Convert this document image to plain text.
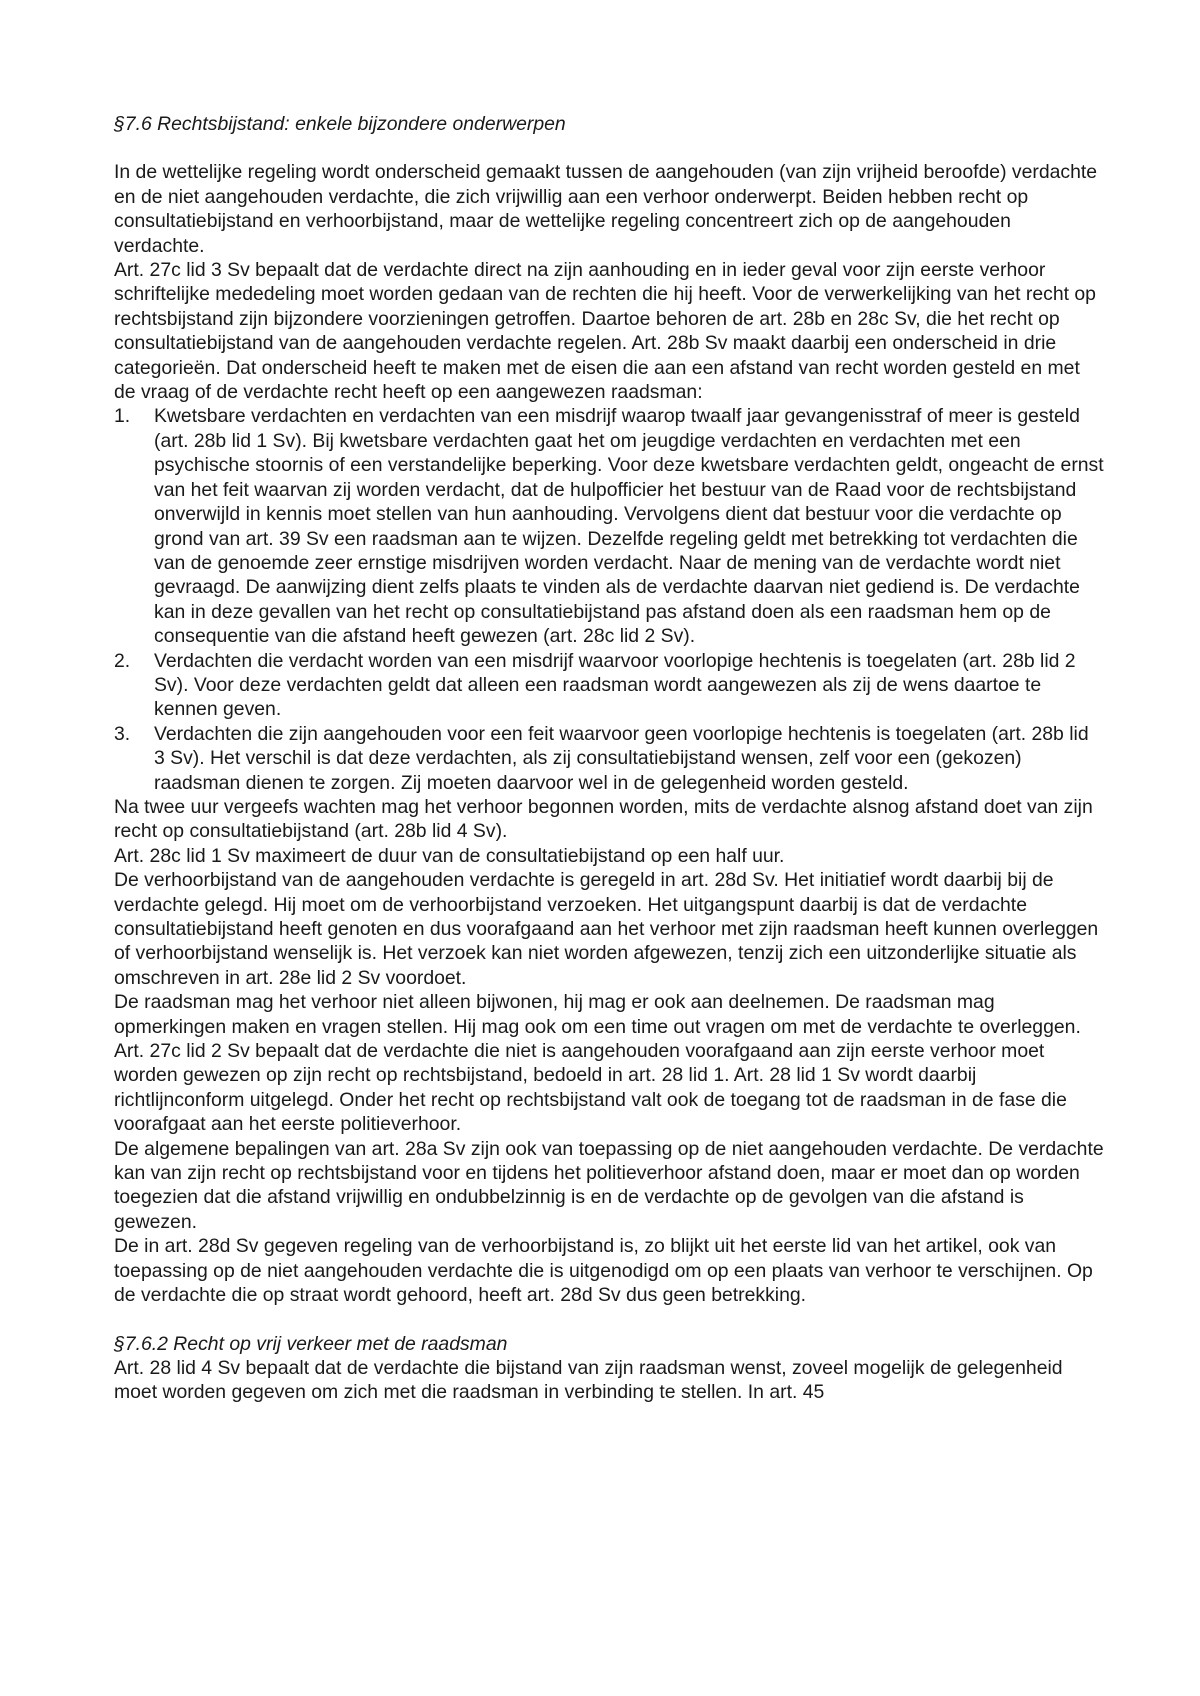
§7.6 Rechtsbijstand: enkele bijzondere onderwerpen

In de wettelijke regeling wordt onderscheid gemaakt tussen de aangehouden (van zijn vrijheid beroofde) verdachte en de niet aangehouden verdachte, die zich vrijwillig aan een verhoor onderwerpt. Beiden hebben recht op consultatiebijstand en verhoorbijstand, maar de wettelijke regeling concentreert zich op de aangehouden verdachte.

Art. 27c lid 3 Sv bepaalt dat de verdachte direct na zijn aanhouding en in ieder geval voor zijn eerste verhoor schriftelijke mededeling moet worden gedaan van de rechten die hij heeft. Voor de verwerkelijking van het recht op rechtsbijstand zijn bijzondere voorzieningen getroffen. Daartoe behoren de art. 28b en 28c Sv, die het recht op consultatiebijstand van de aangehouden verdachte regelen. Art. 28b Sv maakt daarbij een onderscheid in drie categorieën. Dat onderscheid heeft te maken met de eisen die aan een afstand van recht worden gesteld en met de vraag of de verdachte recht heeft op een aangewezen raadsman:

1. Kwetsbare verdachten en verdachten van een misdrijf waarop twaalf jaar gevangenisstraf of meer is gesteld (art. 28b lid 1 Sv). Bij kwetsbare verdachten gaat het om jeugdige verdachten en verdachten met een psychische stoornis of een verstandelijke beperking. Voor deze kwetsbare verdachten geldt, ongeacht de ernst van het feit waarvan zij worden verdacht, dat de hulpofficier het bestuur van de Raad voor de rechtsbijstand onverwijld in kennis moet stellen van hun aanhouding. Vervolgens dient dat bestuur voor die verdachte op grond van art. 39 Sv een raadsman aan te wijzen. Dezelfde regeling geldt met betrekking tot verdachten die van de genoemde zeer ernstige misdrijven worden verdacht. Naar de mening van de verdachte wordt niet gevraagd. De aanwijzing dient zelfs plaats te vinden als de verdachte daarvan niet gediend is. De verdachte kan in deze gevallen van het recht op consultatiebijstand pas afstand doen als een raadsman hem op de consequentie van die afstand heeft gewezen (art. 28c lid 2 Sv).
2. Verdachten die verdacht worden van een misdrijf waarvoor voorlopige hechtenis is toegelaten (art. 28b lid 2 Sv). Voor deze verdachten geldt dat alleen een raadsman wordt aangewezen als zij de wens daartoe te kennen geven.
3. Verdachten die zijn aangehouden voor een feit waarvoor geen voorlopige hechtenis is toegelaten (art. 28b lid 3 Sv). Het verschil is dat deze verdachten, als zij consultatiebijstand wensen, zelf voor een (gekozen) raadsman dienen te zorgen. Zij moeten daarvoor wel in de gelegenheid worden gesteld.

Na twee uur vergeefs wachten mag het verhoor begonnen worden, mits de verdachte alsnog afstand doet van zijn recht op consultatiebijstand (art. 28b lid 4 Sv).

Art. 28c lid 1 Sv maximeert de duur van de consultatiebijstand op een half uur.

De verhoorbijstand van de aangehouden verdachte is geregeld in art. 28d Sv. Het initiatief wordt daarbij bij de verdachte gelegd. Hij moet om de verhoorbijstand verzoeken. Het uitgangspunt daarbij is dat de verdachte consultatiebijstand heeft genoten en dus voorafgaand aan het verhoor met zijn raadsman heeft kunnen overleggen of verhoorbijstand wenselijk is. Het verzoek kan niet worden afgewezen, tenzij zich een uitzonderlijke situatie als omschreven in art. 28e lid 2 Sv voordoet.

De raadsman mag het verhoor niet alleen bijwonen, hij mag er ook aan deelnemen. De raadsman mag opmerkingen maken en vragen stellen. Hij mag ook om een time out vragen om met de verdachte te overleggen.

Art. 27c lid 2 Sv bepaalt dat de verdachte die niet is aangehouden voorafgaand aan zijn eerste verhoor moet worden gewezen op zijn recht op rechtsbijstand, bedoeld in art. 28 lid 1. Art. 28 lid 1 Sv wordt daarbij richtlijnconform uitgelegd. Onder het recht op rechtsbijstand valt ook de toegang tot de raadsman in de fase die voorafgaat aan het eerste politieverhoor.

De algemene bepalingen van art. 28a Sv zijn ook van toepassing op de niet aangehouden verdachte. De verdachte kan van zijn recht op rechtsbijstand voor en tijdens het politieverhoor afstand doen, maar er moet dan op worden toegezien dat die afstand vrijwillig en ondubbelzinnig is en de verdachte op de gevolgen van die afstand is gewezen.

De in art. 28d Sv gegeven regeling van de verhoorbijstand is, zo blijkt uit het eerste lid van het artikel, ook van toepassing op de niet aangehouden verdachte die is uitgenodigd om op een plaats van verhoor te verschijnen. Op de verdachte die op straat wordt gehoord, heeft art. 28d Sv dus geen betrekking.

§7.6.2 Recht op vrij verkeer met de raadsman

Art. 28 lid 4 Sv bepaalt dat de verdachte die bijstand van zijn raadsman wenst, zoveel mogelijk de gelegenheid moet worden gegeven om zich met die raadsman in verbinding te stellen. In art. 45
